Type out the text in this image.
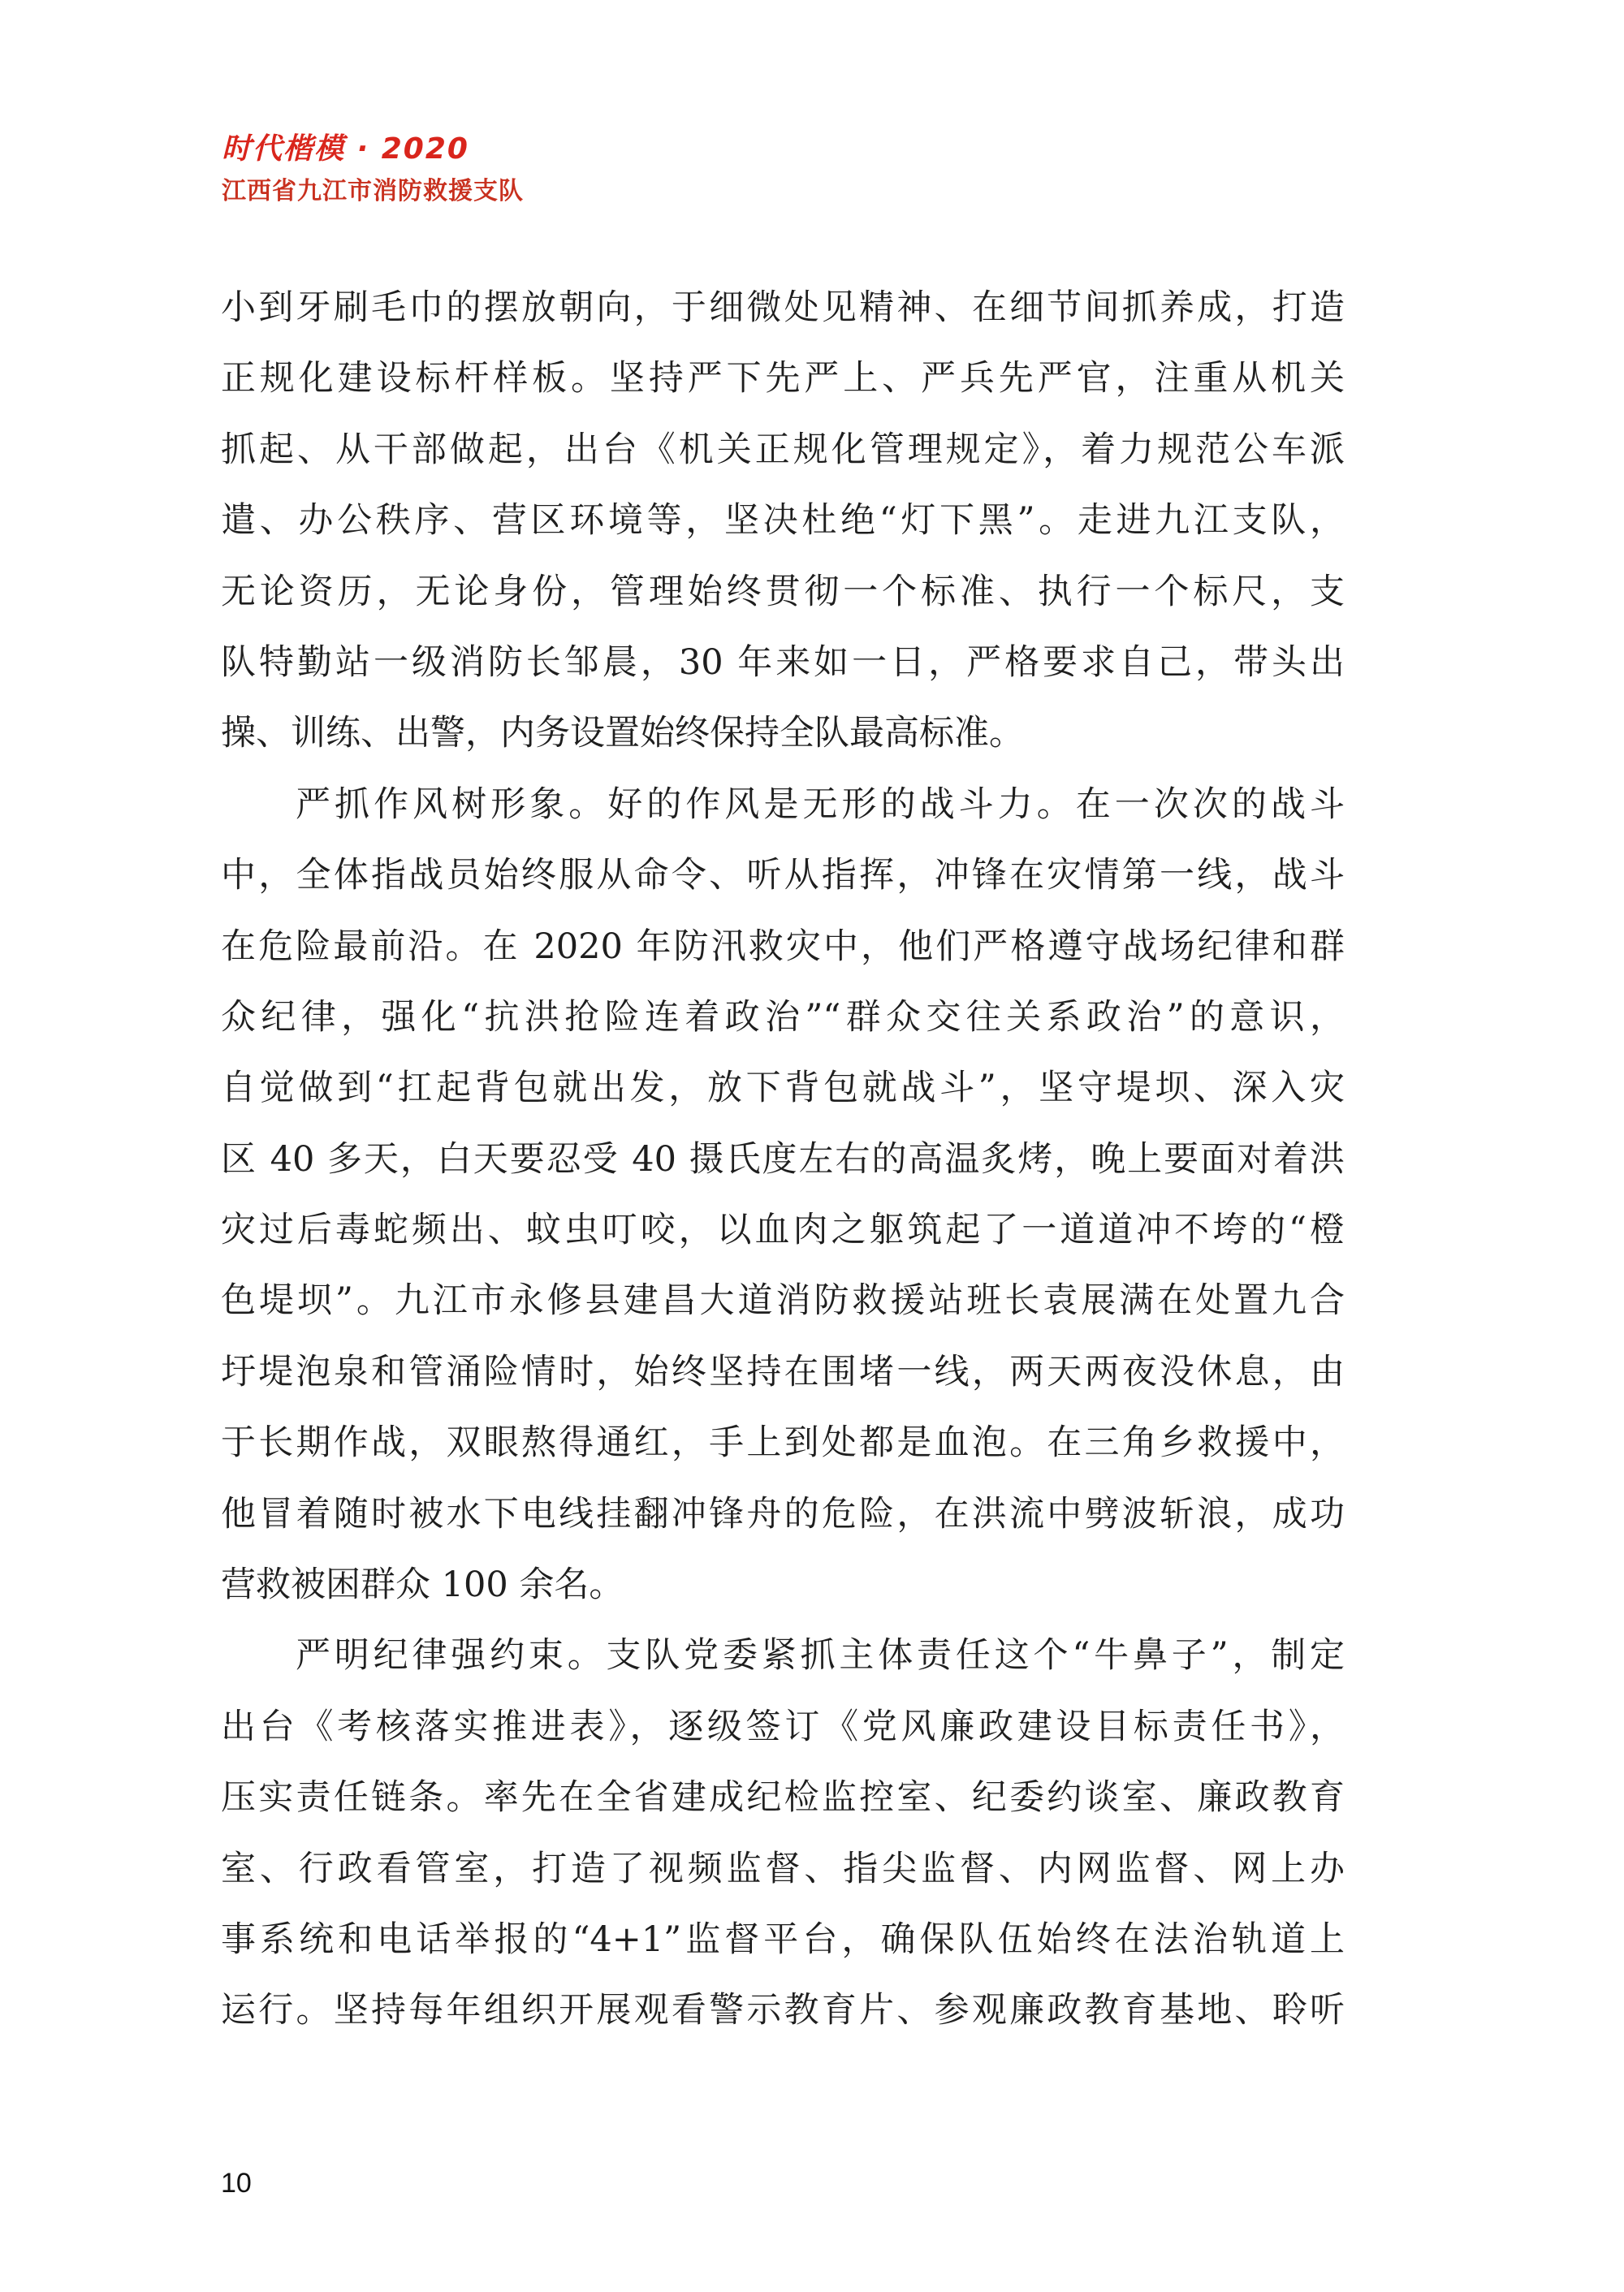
时代楷模 · 2020
江西省九江市消防救援支队
小到牙刷毛巾的摆放朝向，于细微处见精神、在细节间抓养成，打造
正规化建设标杆样板。坚持严下先严上、严兵先严官，注重从机关
抓起、从干部做起，出台《机关正规化管理规定》，着力规范公车派
遣、办公秩序、营区环境等，坚决杜绝“灯下黑”。走进九江支队，
无论资历，无论身份，管理始终贯彻一个标准、执行一个标尺，支
队特勤站一级消防长邹晨，30 年来如一日，严格要求自己，带头出
操、训练、出警，内务设置始终保持全队最高标准。
严抓作风树形象。好的作风是无形的战斗力。在一次次的战斗
中，全体指战员始终服从命令、听从指挥，冲锋在灾情第一线，战斗
在危险最前沿。在 2020 年防汛救灾中，他们严格遵守战场纪律和群
众纪律，强化“抗洪抢险连着政治”“群众交往关系政治”的意识，
自觉做到“扛起背包就出发，放下背包就战斗”，坚守堤坝、深入灾
区 40 多天，白天要忍受 40 摄氏度左右的高温炙烤，晚上要面对着洪
灾过后毒蛇频出、蚊虫叮咬，以血肉之躯筑起了一道道冲不垮的“橙
色堤坝”。九江市永修县建昌大道消防救援站班长袁展满在处置九合
圩堤泡泉和管涌险情时，始终坚持在围堵一线，两天两夜没休息，由
于长期作战，双眼熬得通红，手上到处都是血泡。在三角乡救援中，
他冒着随时被水下电线挂翻冲锋舟的危险，在洪流中劈波斩浪，成功
营救被困群众 100 余名。
严明纪律强约束。支队党委紧抓主体责任这个“牛鼻子”，制定
出台《考核落实推进表》，逐级签订《党风廉政建设目标责任书》，
压实责任链条。率先在全省建成纪检监控室、纪委约谈室、廉政教育
室、行政看管室，打造了视频监督、指尖监督、内网监督、网上办
事系统和电话举报的“4+1”监督平台，确保队伍始终在法治轨道上
运行。坚持每年组织开展观看警示教育片、参观廉政教育基地、聆听
10
